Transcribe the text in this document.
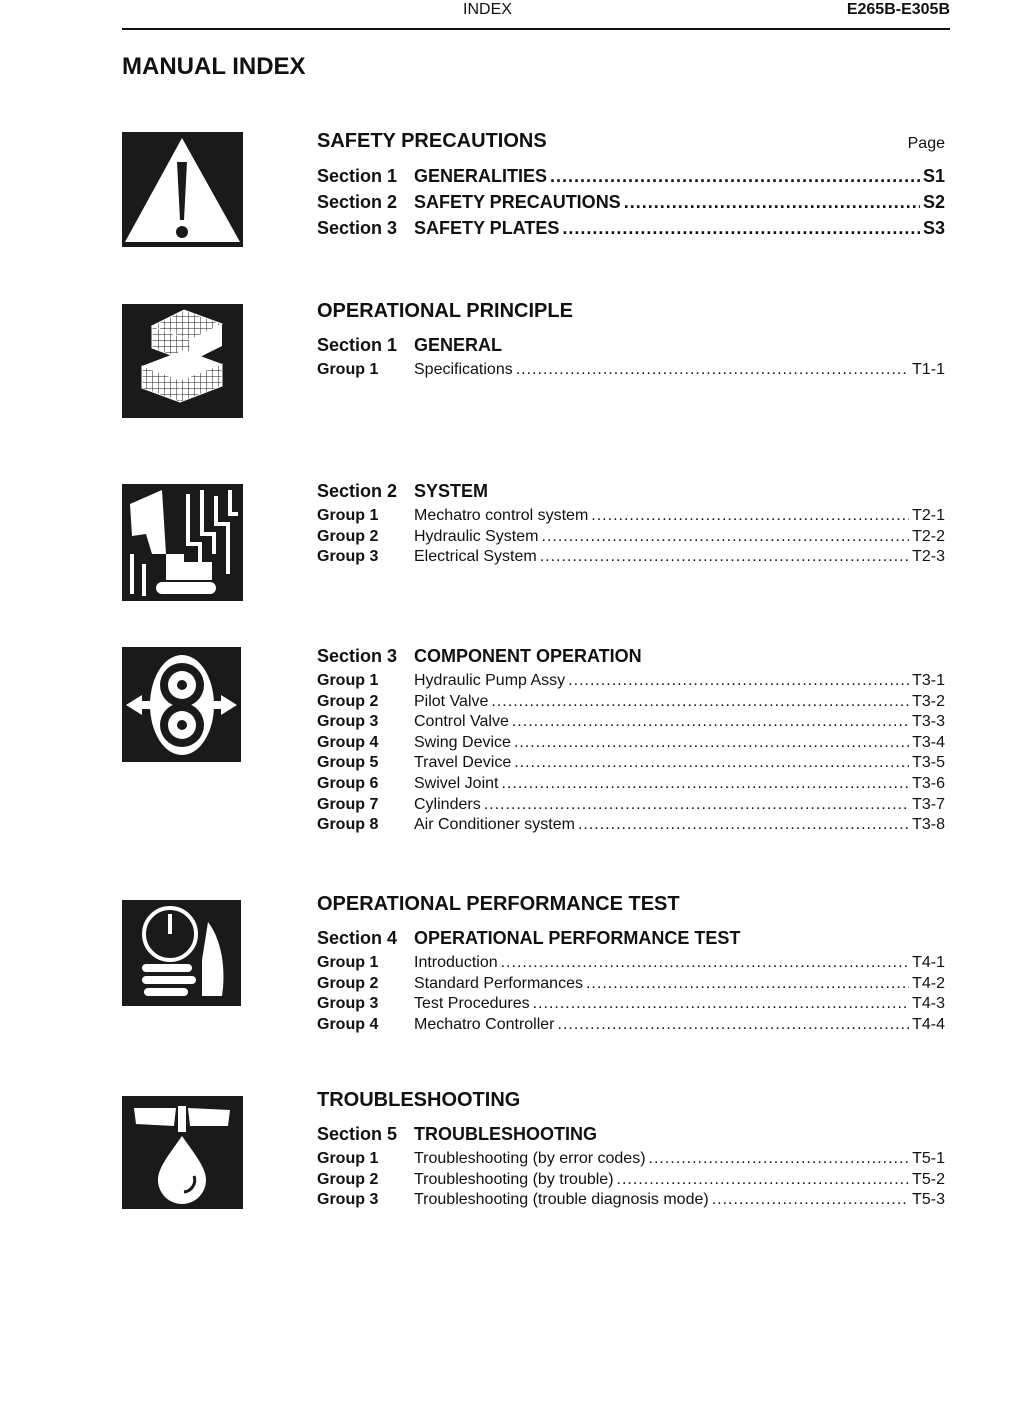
INDEX	E265B-E305B
MANUAL INDEX
SAFETY PRECAUTIONS	Page
Section 1 GENERALITIES .....	S1
Section 2 SAFETY PRECAUTIONS .....	S2
Section 3 SAFETY PLATES .....	S3
OPERATIONAL PRINCIPLE
Section 1 GENERAL
Group 1	Specifications .....	T1-1
Section 2 SYSTEM
Group 1	Mechatro control system .....	T2-1
Group 2	Hydraulic System .....	T2-2
Group 3	Electrical System .....	T2-3
Section 3 COMPONENT OPERATION
Group 1	Hydraulic Pump Assy .....	T3-1
Group 2	Pilot Valve .....	T3-2
Group 3	Control Valve .....	T3-3
Group 4	Swing Device .....	T3-4
Group 5	Travel Device .....	T3-5
Group 6	Swivel Joint .....	T3-6
Group 7	Cylinders .....	T3-7
Group 8	Air Conditioner system .....	T3-8
OPERATIONAL PERFORMANCE TEST
Section 4 OPERATIONAL PERFORMANCE TEST
Group 1	Introduction .....	T4-1
Group 2	Standard Performances .....	T4-2
Group 3	Test Procedures .....	T4-3
Group 4	Mechatro Controller .....	T4-4
TROUBLESHOOTING
Section 5 TROUBLESHOOTING
Group 1	Troubleshooting (by error codes) .....	T5-1
Group 2	Troubleshooting (by trouble) .....	T5-2
Group 3	Troubleshooting (trouble diagnosis mode) .....	T5-3
